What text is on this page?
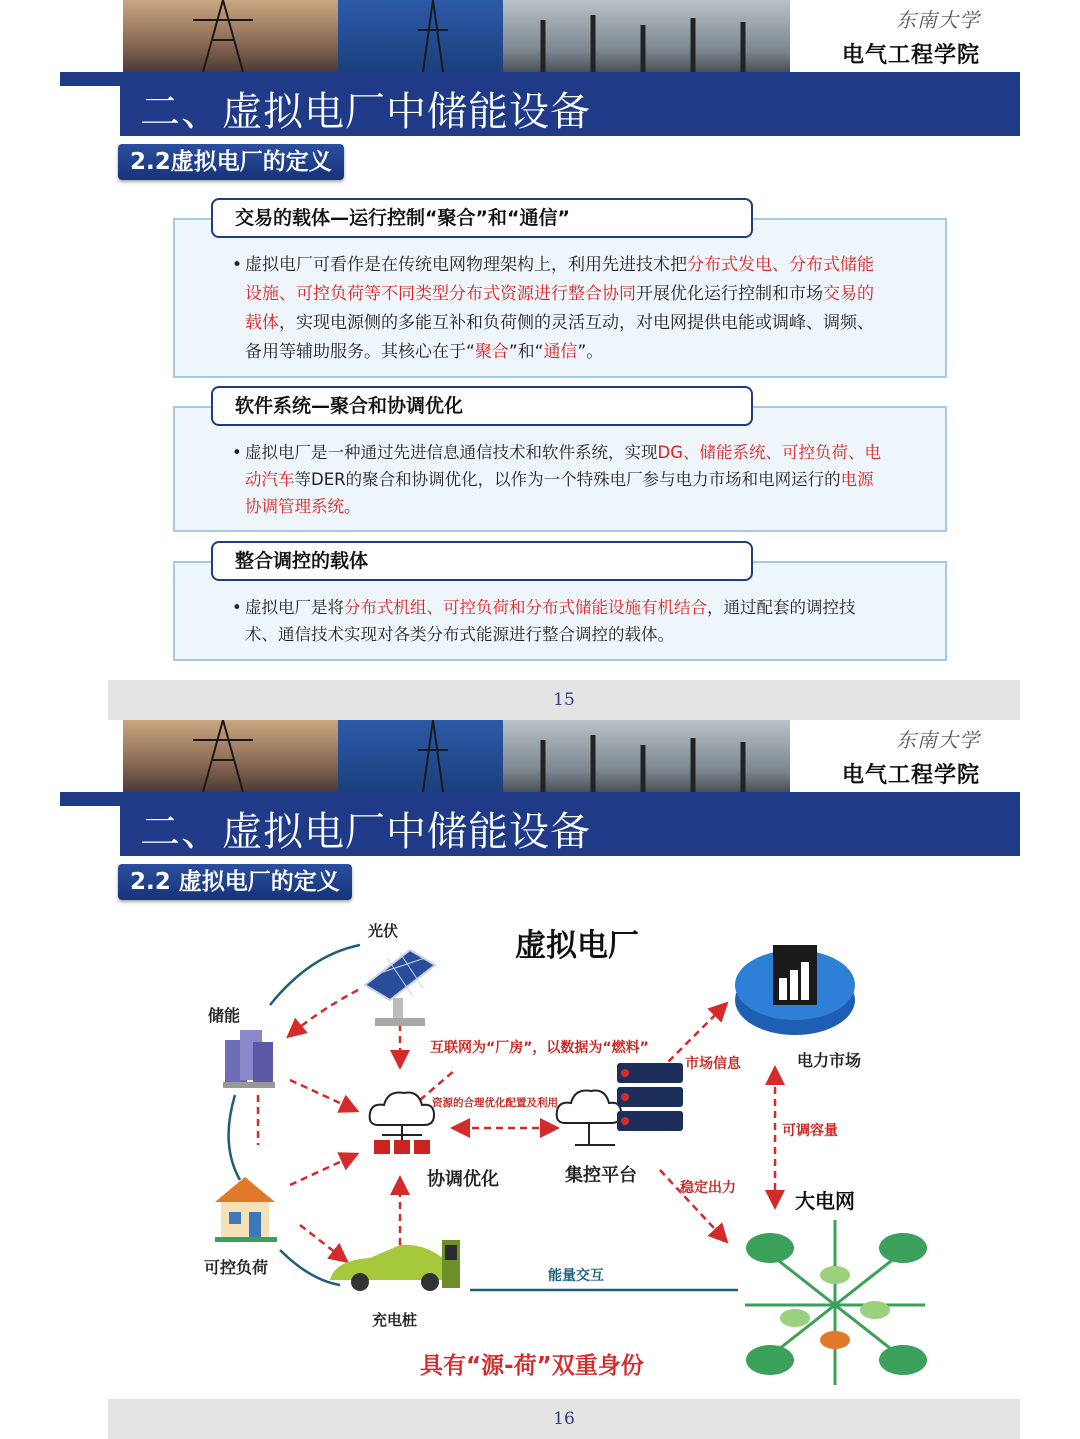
东南大学
电气工程学院
二、虚拟电厂中储能设备
2.2虚拟电厂的定义
交易的载体—运行控制“聚合”和“通信”
• 虚拟电厂可看作是在传统电网物理架构上，利用先进技术把分布式发电、分布式储能设施、可控负荷等不同类型分布式资源进行整合协同开展优化运行控制和市场交易的载体，实现电源侧的多能互补和负荷侧的灵活互动，对电网提供电能或调峰、调频、备用等辅助服务。其核心在于“聚合”和“通信”。
软件系统—聚合和协调优化
• 虚拟电厂是一种通过先进信息通信技术和软件系统，实现DG、储能系统、可控负荷、电动汽车等DER的聚合和协调优化，以作为一个特殊电厂参与电力市场和电网运行的电源协调管理系统。
整合调控的载体
• 虚拟电厂是将分布式机组、可控负荷和分布式储能设施有机结合，通过配套的调控技术、通信技术实现对各类分布式能源进行整合调控的载体。
15
东南大学
电气工程学院
二、虚拟电厂中储能设备
2.2 虚拟电厂的定义
虚拟电厂
光伏
储能
可控负荷
充电桩
协调优化	集控平台
电力市场
大电网
互联网为“厂房”，以数据为“燃料”
资源的合理优化配置及利用
市场信息
可调容量
稳定出力
能量交互
具有“源-荷”双重身份
16
